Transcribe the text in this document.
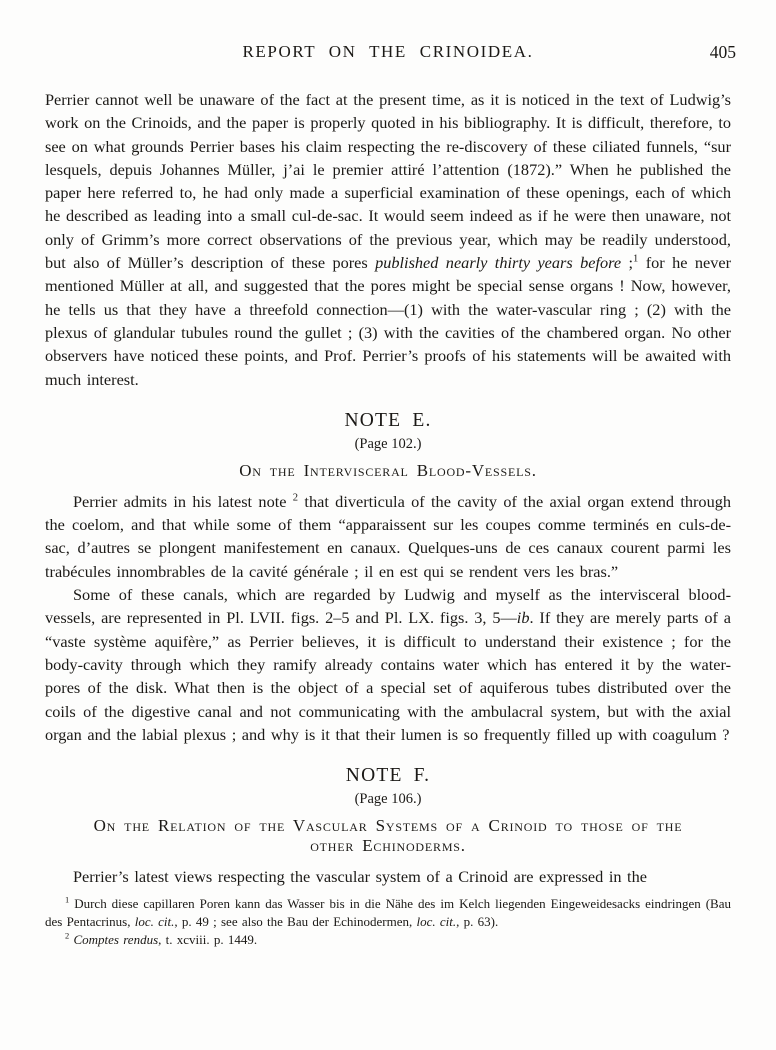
REPORT ON THE CRINOIDEA.	405

Perrier cannot well be unaware of the fact at the present time, as it is noticed in the text of Ludwig’s work on the Crinoids, and the paper is properly quoted in his bibliography. It is difficult, therefore, to see on what grounds Perrier bases his claim respecting the re-discovery of these ciliated funnels, “sur lesquels, depuis Johannes Müller, j’ai le premier attiré l’attention (1872).” When he published the paper here referred to, he had only made a superficial examination of these openings, each of which he described as leading into a small cul-de-sac. It would seem indeed as if he were then unaware, not only of Grimm’s more correct observations of the previous year, which may be readily understood, but also of Müller’s description of these pores published nearly thirty years before ;$^1$ for he never mentioned Müller at all, and suggested that the pores might be special sense organs ! Now, however, he tells us that they have a threefold connection—(1) with the water-vascular ring ; (2) with the plexus of glandular tubules round the gullet ; (3) with the cavities of the chambered organ. No other observers have noticed these points, and Prof. Perrier’s proofs of his statements will be awaited with much interest.

NOTE E.
(Page 102.)
On the Intervisceral Blood-Vessels.

Perrier admits in his latest note $^2$ that diverticula of the cavity of the axial organ extend through the coelom, and that while some of them “apparaissent sur les coupes comme terminés en culs-de-sac, d’autres se plongent manifestement en canaux. Quelques-uns de ces canaux courent parmi les trabécules innombrables de la cavité générale ; il en est qui se rendent vers les bras.”

Some of these canals, which are regarded by Ludwig and myself as the intervisceral blood-vessels, are represented in Pl. LVII. figs. 2–5 and Pl. LX. figs. 3, 5—ib. If they are merely parts of a “vaste système aquifère,” as Perrier believes, it is difficult to understand their existence ; for the body-cavity through which they ramify already contains water which has entered it by the water-pores of the disk. What then is the object of a special set of aquiferous tubes distributed over the coils of the digestive canal and not communicating with the ambulacral system, but with the axial organ and the labial plexus ; and why is it that their lumen is so frequently filled up with coagulum ?

NOTE F.
(Page 106.)
On the Relation of the Vascular Systems of a Crinoid to those of the other Echinoderms.

Perrier’s latest views respecting the vascular system of a Crinoid are expressed in the

$^1$ Durch diese capillaren Poren kann das Wasser bis in die Nähe des im Kelch liegenden Eingeweidesacks eindringen (Bau des Pentacrinus, loc. cit., p. 49 ; see also the Bau der Echinodermen, loc. cit., p. 63).

$^2$ Comptes rendus, t. xcviii. p. 1449.
